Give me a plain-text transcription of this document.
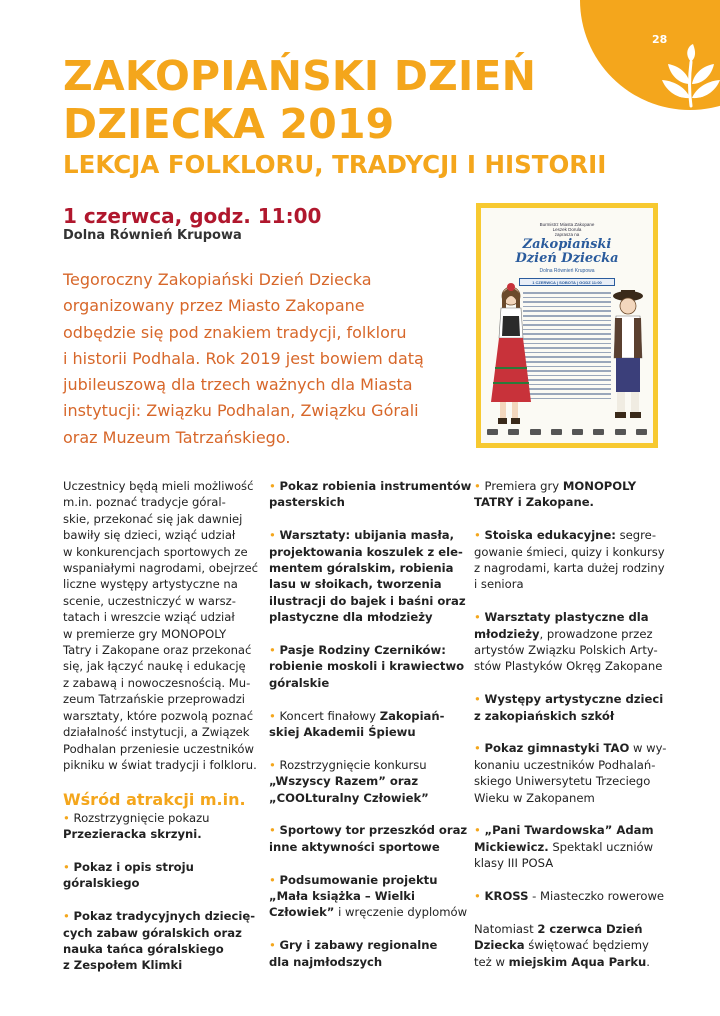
28
ZAKOPIAŃSKI DZIEŃ
DZIECKA 2019
LEKCJA FOLKLORU, TRADYCJI I HISTORII
1 czerwca, godz. 11:00
Dolna Równień Krupowa
Tegoroczny Zakopiański Dzień Dziecka
organizowany przez Miasto Zakopane
odbędzie się pod znakiem tradycji, folkloru
i historii Podhala. Rok 2019 jest bowiem datą
jubileuszową dla trzech ważnych dla Miasta
instytucji: Związku Podhalan, Związku Górali
oraz Muzeum Tatrzańskiego.
Burmistrz Miasta Zakopane
Leszek Dorula
zaprasza na
Zakopiański
Dzień Dziecka
Dolna Równień Krupowa
1 CZERWCA | SOBOTA | GODZ 11:00
Uczestnicy będą mieli możliwość
m.in. poznać tradycje góral-
skie, przekonać się jak dawniej
bawiły się dzieci, wziąć udział
w konkurencjach sportowych ze
wspaniałymi nagrodami, obejrzeć
liczne występy artystyczne na
scenie, uczestniczyć w warsz-
tatach i wreszcie wziąć udział
w premierze gry MONOPOLY
Tatry i Zakopane oraz przekonać
się, jak łączyć naukę i edukację
z zabawą i nowoczesnością. Mu-
zeum Tatrzańskie przeprowadzi
warsztaty, które pozwolą poznać
działalność instytucji, a Związek
Podhalan przeniesie uczestników
pikniku w świat tradycji i folkloru.
Wśród atrakcji m.in.
• Rozstrzygnięcie pokazu
Przezieracka skrzyni.
• Pokaz i opis stroju
góralskiego
• Pokaz tradycyjnych dziecię-
cych zabaw góralskich oraz
nauka tańca góralskiego
z Zespołem Klimki
• Pokaz robienia instrumentów
pasterskich
• Warsztaty: ubijania masła,
projektowania koszulek z ele-
mentem góralskim, robienia
lasu w słoikach, tworzenia
ilustracji do bajek i baśni oraz
plastyczne dla młodzieży
• Pasje Rodziny Czerników:
robienie moskoli i krawiectwo
góralskie
• Koncert finałowy Zakopiań-
skiej Akademii Śpiewu
• Rozstrzygnięcie konkursu
„Wszyscy Razem” oraz
„COOLturalny Człowiek”
• Sportowy tor przeszkód oraz
inne aktywności sportowe
• Podsumowanie projektu
„Mała książka – Wielki
Człowiek” i wręczenie dyplomów
• Gry i zabawy regionalne
dla najmłodszych
• Premiera gry MONOPOLY
TATRY i Zakopane.
• Stoiska edukacyjne: segre-
gowanie śmieci, quizy i konkursy
z nagrodami, karta dużej rodziny
i seniora
• Warsztaty plastyczne dla
młodzieży, prowadzone przez
artystów Związku Polskich Arty-
stów Plastyków Okręg Zakopane
• Występy artystyczne dzieci
z zakopiańskich szkół
• Pokaz gimnastyki TAO w wy-
konaniu uczestników Podhalań-
skiego Uniwersytetu Trzeciego
Wieku w Zakopanem
• „Pani Twardowska” Adam
Mickiewicz. Spektakl uczniów
klasy III POSA
• KROSS - Miasteczko rowerowe
Natomiast 2 czerwca Dzień
Dziecka świętować będziemy
też w miejskim Aqua Parku.
